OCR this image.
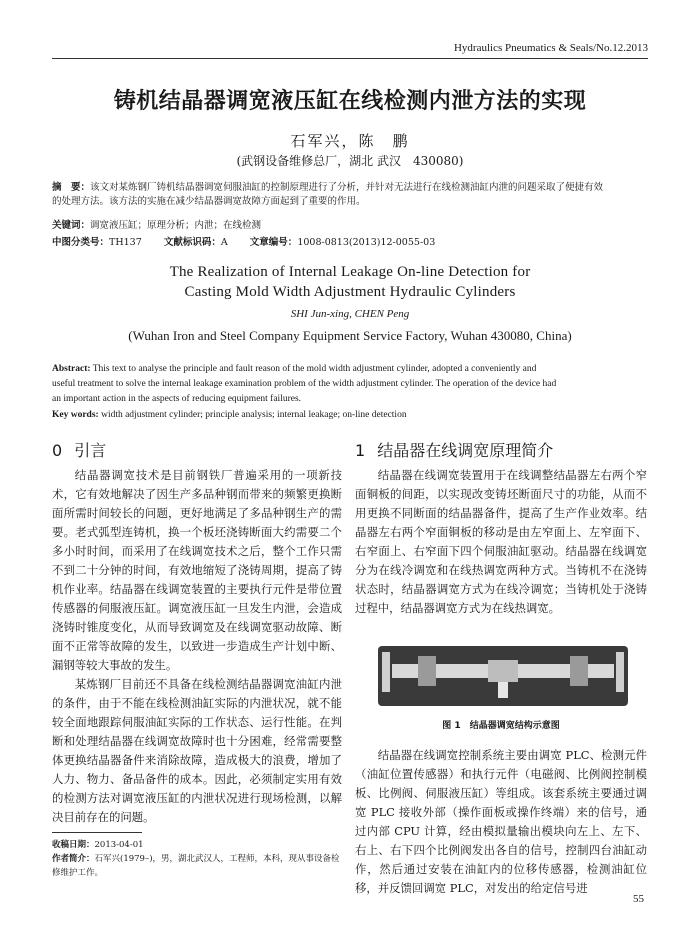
Hydraulics Pneumatics & Seals/No.12.2013
铸机结晶器调宽液压缸在线检测内泄方法的实现
石军兴，陈　鹏
(武钢设备维修总厂，湖北 武汉　430080)
摘　要：该文对某炼钢厂铸机结晶器调宽伺服油缸的控制原理进行了分析，并针对无法进行在线检测油缸内泄的问题采取了便捷有效
的处理方法。该方法的实施在减少结晶器调宽故障方面起到了重要的作用。
关键词：调宽液压缸；原理分析；内泄；在线检测
中图分类号：TH137 文献标识码：A 文章编号：1008-0813(2013)12-0055-03
The Realization of Internal Leakage On-line Detection for
Casting Mold Width Adjustment Hydraulic Cylinders
SHI Jun-xing, CHEN Peng
(Wuhan Iron and Steel Company Equipment Service Factory, Wuhan 430080, China)
Abstract: This text to analyse the principle and fault reason of the mold width adjustment cylinder, adopted a conveniently and
useful treatment to solve the internal leakage examination problem of the width adjustment cylinder. The operation of the device had
an important action in the aspects of reducing equipment failures.
Key words: width adjustment cylinder; principle analysis; internal leakage; on-line detection
0 引言	1 结晶器在线调宽原理简介

结晶器调宽技术是目前钢铁厂普遍采用的一项新技术，它有效地解决了因生产多品种钢而带来的频繁更换断面所需时间较长的问题，更好地满足了多品种钢生产的需要。老式弧型连铸机，换一个板坯浇铸断面大约需要二个多小时时间，而采用了在线调宽技术之后，整个工作只需不到二十分钟的时间，有效地缩短了浇铸周期，提高了铸机作业率。结晶器在线调宽装置的主要执行元件是带位置传感器的伺服液压缸。调宽液压缸一旦发生内泄，会造成浇铸时锥度变化，从而导致调宽及在线调宽驱动故障、断面不正常等故障的发生，以致进一步造成生产计划中断、漏钢等较大事故的发生。

某炼钢厂目前还不具备在线检测结晶器调宽油缸内泄的条件，由于不能在线检测油缸实际的内泄状况，就不能较全面地跟踪伺服油缸实际的工作状态、运行性能。在判断和处理结晶器在线调宽故障时也十分困难，经常需要整体更换结晶器备件来消除故障，造成极大的浪费，增加了人力、物力、备品备件的成本。因此，必须制定实用有效的检测方法对调宽液压缸的内泄状况进行现场检测，以解决目前存在的问题。

结晶器在线调宽装置用于在线调整结晶器左右两个窄面铜板的间距，以实现改变铸坯断面尺寸的功能，从而不用更换不同断面的结晶器备件，提高了生产作业效率。结晶器左右两个窄面铜板的移动是由左窄面上、左窄面下、右窄面上、右窄面下四个伺服油缸驱动。结晶器在线调宽分为在线冷调宽和在线热调宽两种方式。当铸机不在浇铸状态时，结晶器调宽方式为在线冷调宽；当铸机处于浇铸过程中，结晶器调宽方式为在线热调宽。

图 1　结晶器调宽结构示意图

结晶器在线调宽控制系统主要由调宽 PLC、检测元件（油缸位置传感器）和执行元件（电磁阀、比例阀控制模板、比例阀、伺服液压缸）等组成。该套系统主要通过调宽 PLC 接收外部（操作面板或操作终端）来的信号，通过内部 CPU 计算，经由模拟量输出模块向左上、左下、右上、右下四个比例阀发出各自的信号，控制四台油缸动作，然后通过安装在油缸内的位移传感器，检测油缸位移，并反馈回调宽 PLC，对发出的给定信号进

收稿日期：2013-04-01
作者简介：石军兴(1979–)，男，湖北武汉人，工程师，本科，现从事设备检修维护工作。
55
